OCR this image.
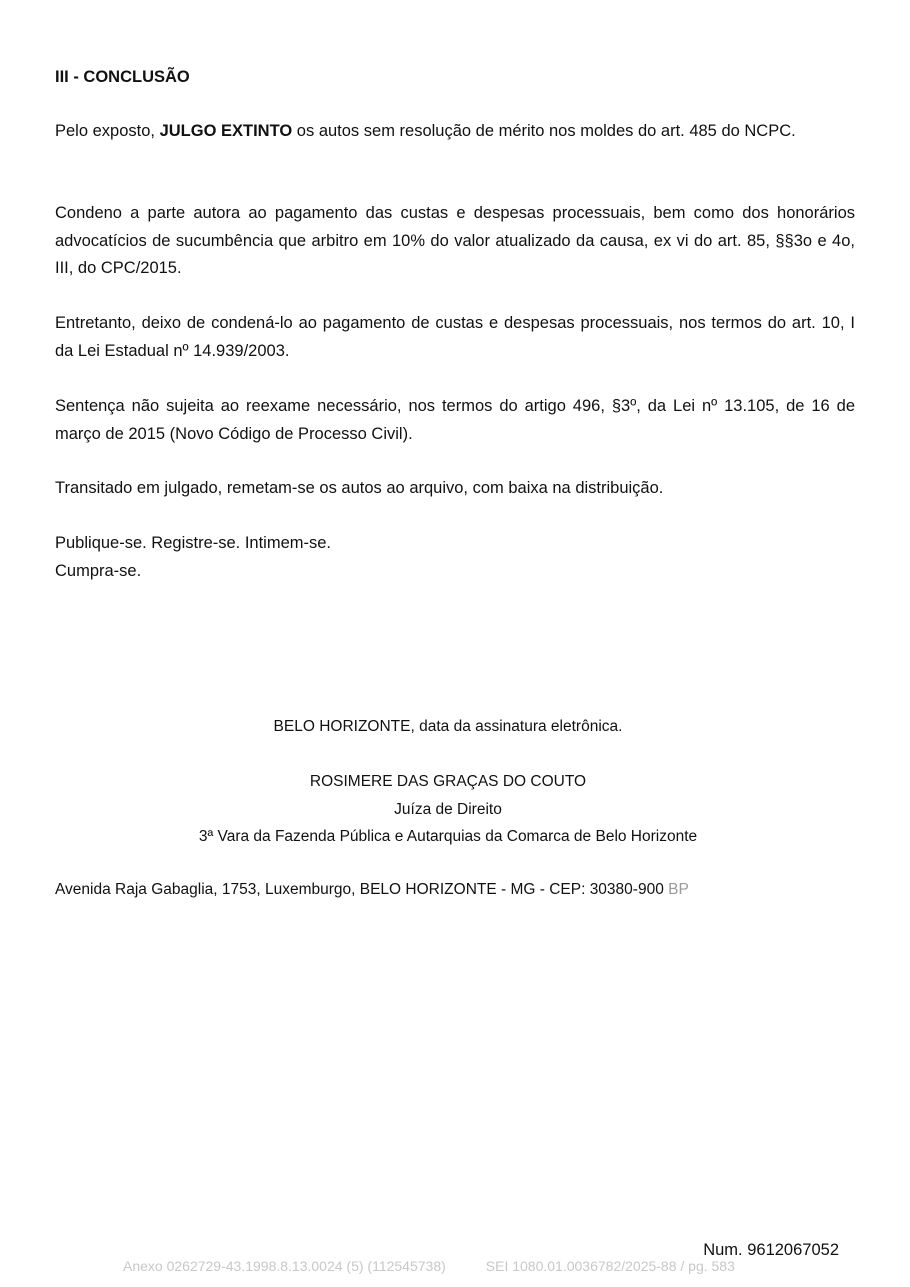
III - CONCLUSÃO

Pelo exposto, JULGO EXTINTO os autos sem resolução de mérito nos moldes do art. 485 do NCPC.

Condeno a parte autora ao pagamento das custas e despesas processuais, bem como dos honorários advocatícios de sucumbência que arbitro em 10% do valor atualizado da causa, ex vi do art. 85, §§3o e 4o, III, do CPC/2015.

Entretanto, deixo de condená-lo ao pagamento de custas e despesas processuais, nos termos do art. 10, I da Lei Estadual nº 14.939/2003.

Sentença não sujeita ao reexame necessário, nos termos do artigo 496, §3º, da Lei nº 13.105, de 16 de março de 2015 (Novo Código de Processo Civil).

Transitado em julgado, remetam-se os autos ao arquivo, com baixa na distribuição.

Publique-se. Registre-se. Intimem-se.
Cumpra-se.

BELO HORIZONTE, data da assinatura eletrônica.

ROSIMERE DAS GRAÇAS DO COUTO

Juíza de Direito

3ª Vara da Fazenda Pública e Autarquias da Comarca de Belo Horizonte

Avenida Raja Gabaglia, 1753, Luxemburgo, BELO HORIZONTE - MG - CEP: 30380-900 BP

Num. 9612067052

Anexo 0262729-43.1998.8.13.0024 (5) (112545738)	SEI 1080.01.0036782/2025-88 / pg. 583
